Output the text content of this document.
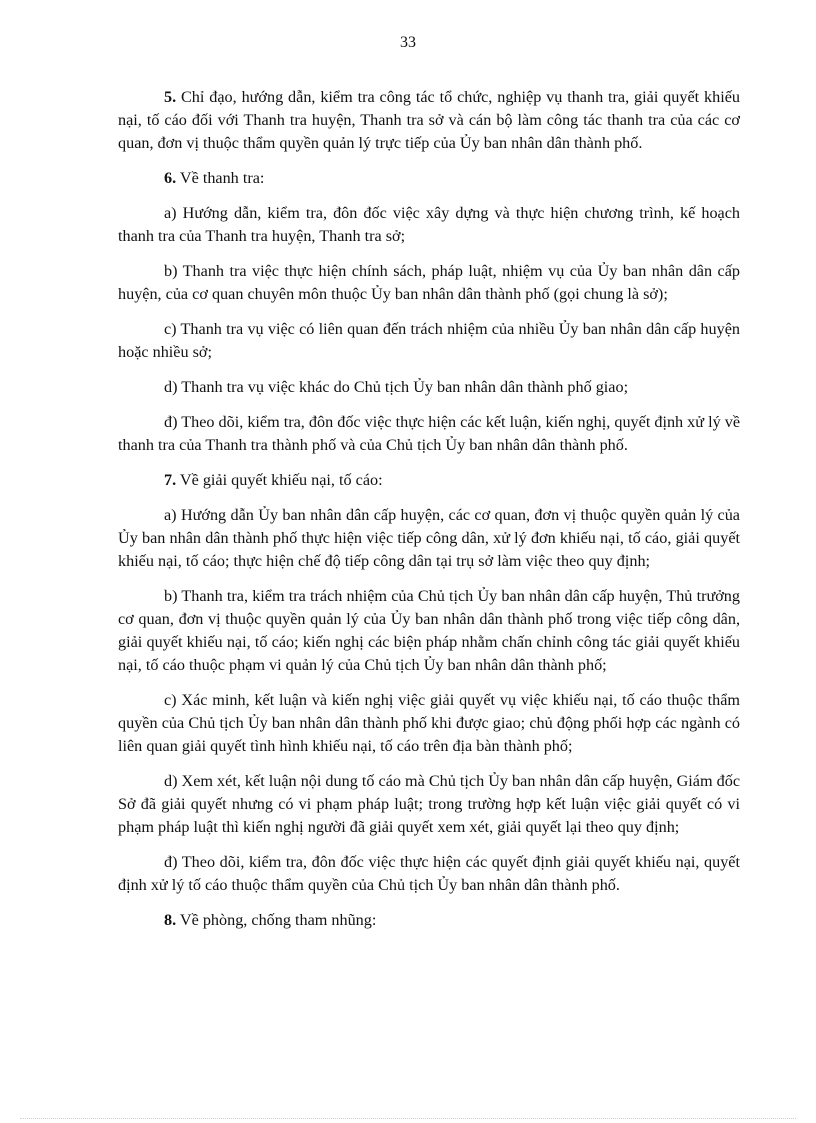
33

5. Chỉ đạo, hướng dẫn, kiểm tra công tác tổ chức, nghiệp vụ thanh tra, giải quyết khiếu nại, tố cáo đối với Thanh tra huyện, Thanh tra sở và cán bộ làm công tác thanh tra của các cơ quan, đơn vị thuộc thẩm quyền quản lý trực tiếp của Ủy ban nhân dân thành phố.

6. Về thanh tra:

a) Hướng dẫn, kiểm tra, đôn đốc việc xây dựng và thực hiện chương trình, kế hoạch thanh tra của Thanh tra huyện, Thanh tra sở;

b) Thanh tra việc thực hiện chính sách, pháp luật, nhiệm vụ của Ủy ban nhân dân cấp huyện, của cơ quan chuyên môn thuộc Ủy ban nhân dân thành phố (gọi chung là sở);

c) Thanh tra vụ việc có liên quan đến trách nhiệm của nhiều Ủy ban nhân dân cấp huyện hoặc nhiều sở;

d) Thanh tra vụ việc khác do Chủ tịch Ủy ban nhân dân thành phố giao;

đ) Theo dõi, kiểm tra, đôn đốc việc thực hiện các kết luận, kiến nghị, quyết định xử lý về thanh tra của Thanh tra thành phố và của Chủ tịch Ủy ban nhân dân thành phố.

7. Về giải quyết khiếu nại, tố cáo:

a) Hướng dẫn Ủy ban nhân dân cấp huyện, các cơ quan, đơn vị thuộc quyền quản lý của Ủy ban nhân dân thành phố thực hiện việc tiếp công dân, xử lý đơn khiếu nại, tố cáo, giải quyết khiếu nại, tố cáo; thực hiện chế độ tiếp công dân tại trụ sở làm việc theo quy định;

b) Thanh tra, kiểm tra trách nhiệm của Chủ tịch Ủy ban nhân dân cấp huyện, Thủ trưởng cơ quan, đơn vị thuộc quyền quản lý của Ủy ban nhân dân thành phố trong việc tiếp công dân, giải quyết khiếu nại, tố cáo; kiến nghị các biện pháp nhằm chấn chỉnh công tác giải quyết khiếu nại, tố cáo thuộc phạm vi quản lý của Chủ tịch Ủy ban nhân dân thành phố;

c) Xác minh, kết luận và kiến nghị việc giải quyết vụ việc khiếu nại, tố cáo thuộc thẩm quyền của Chủ tịch Ủy ban nhân dân thành phố khi được giao; chủ động phối hợp các ngành có liên quan giải quyết tình hình khiếu nại, tố cáo trên địa bàn thành phố;

d) Xem xét, kết luận nội dung tố cáo mà Chủ tịch Ủy ban nhân dân cấp huyện, Giám đốc Sở đã giải quyết nhưng có vi phạm pháp luật; trong trường hợp kết luận việc giải quyết có vi phạm pháp luật thì kiến nghị người đã giải quyết xem xét, giải quyết lại theo quy định;

đ) Theo dõi, kiểm tra, đôn đốc việc thực hiện các quyết định giải quyết khiếu nại, quyết định xử lý tố cáo thuộc thẩm quyền của Chủ tịch Ủy ban nhân dân thành phố.

8. Về phòng, chống tham nhũng:
